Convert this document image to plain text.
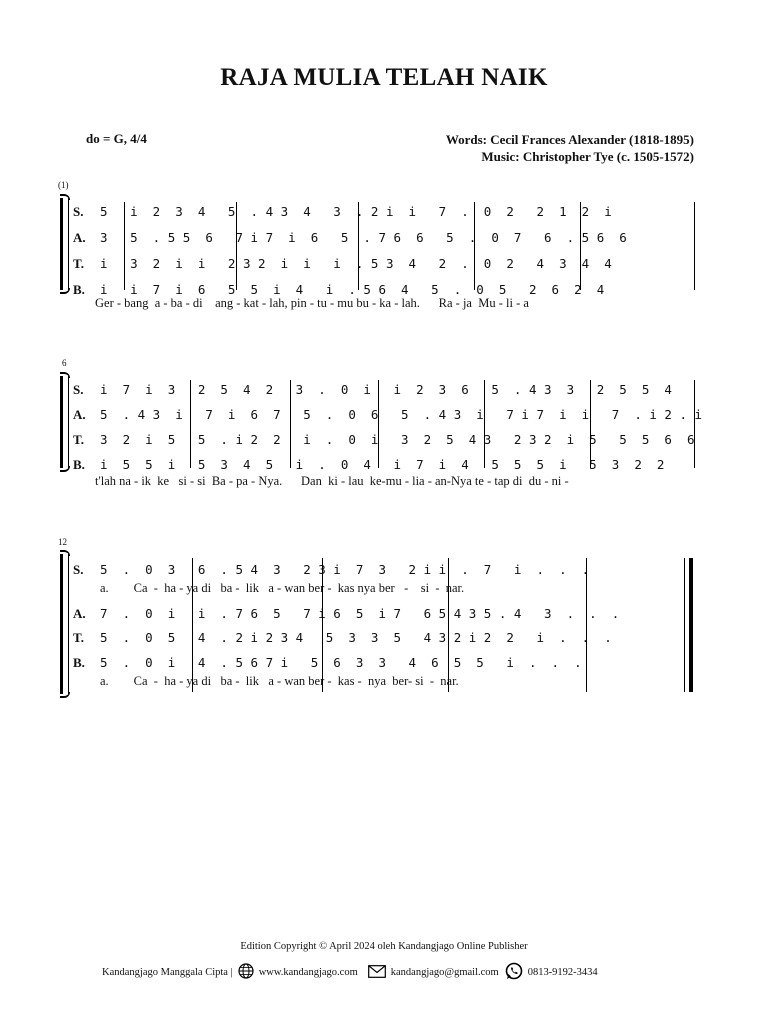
RAJA MULIA TELAH NAIK
do = G, 4/4	Words: Cecil Frances Alexander (1818-1895)
Music: Christopher Tye (c. 1505-1572)
(1)
S.
A.
T.
B.
5   i  2  3  4   5  . 4 3  4   3  . 2 i  i   7  .  0  2   2  1  2  i
3   5  . 5 5  6   7 i 7  i  6   5  . 7 6  6   5  .  0  7   6  . 5 6  6
i   3  2  i  i   2 3 2  i  i   i  . 5 3  4   2  .  0  2   4  3  4  4
i   i  7  i  6   5  5  i  4   i  . 5 6  4   5  .  0  5   2  6  2  4
Ger - bang  a - ba - di    ang - kat - lah, pin - tu - mu bu - ka - lah.      Ra - ja  Mu - li - a
6
S.
A.
T.
B.
i  7  i  3   2  5  4  2   3  .  0  i   i  2  3  6   5  . 4 3  3   2  5  5  4
5  . 4 3  i   7  i  6  7   5  .  0  6   5  . 4 3  i   7 i 7  i  i   7  . i 2 . i
3  2  i  5   5  . i 2  2   i  .  0  i   3  2  5  4 3   2 3 2  i  5   5  5  6  6
i  5  5  i   5  3  4  5   i  .  0  4   i  7  i  4   5  5  5  i   5  3  2  2
t'lah na - ik  ke   si - si  Ba - pa - Nya.      Dan  ki - lau  ke-mu - lia - an-Nya te - tap di  du - ni -
12
S.
A.
T.
B.
5  .  0  3   6  . 5 4  3   2 3 i  7  3   2 i i  .  7   i  .  .  .
a.        Ca  -  ha - ya di   ba -  lik   a - wan ber -  kas nya ber   -    si  -  nar.
7  .  0  i   i  . 7 6  5   7 i 6  5  i 7   6 5 4 3 5 . 4   3  .  .  .
5  .  0  5   4  . 2 i 2 3 4   5  3  3  5   4 3 2 i 2  2   i  .  .  .
5  .  0  i   4  . 5 6 7 i   5  6  3  3   4  6  5  5   i  .  .  .
a.        Ca  -  ha - ya di   ba -  lik   a - wan ber -  kas -  nya  ber- si  -  nar.
Edition Copyright © April 2024 oleh Kandangjago Online Publisher
Kandangjago Manggala Cipta | www.kandangjago.com	kandangjago@gmail.com	0813-9192-3434
